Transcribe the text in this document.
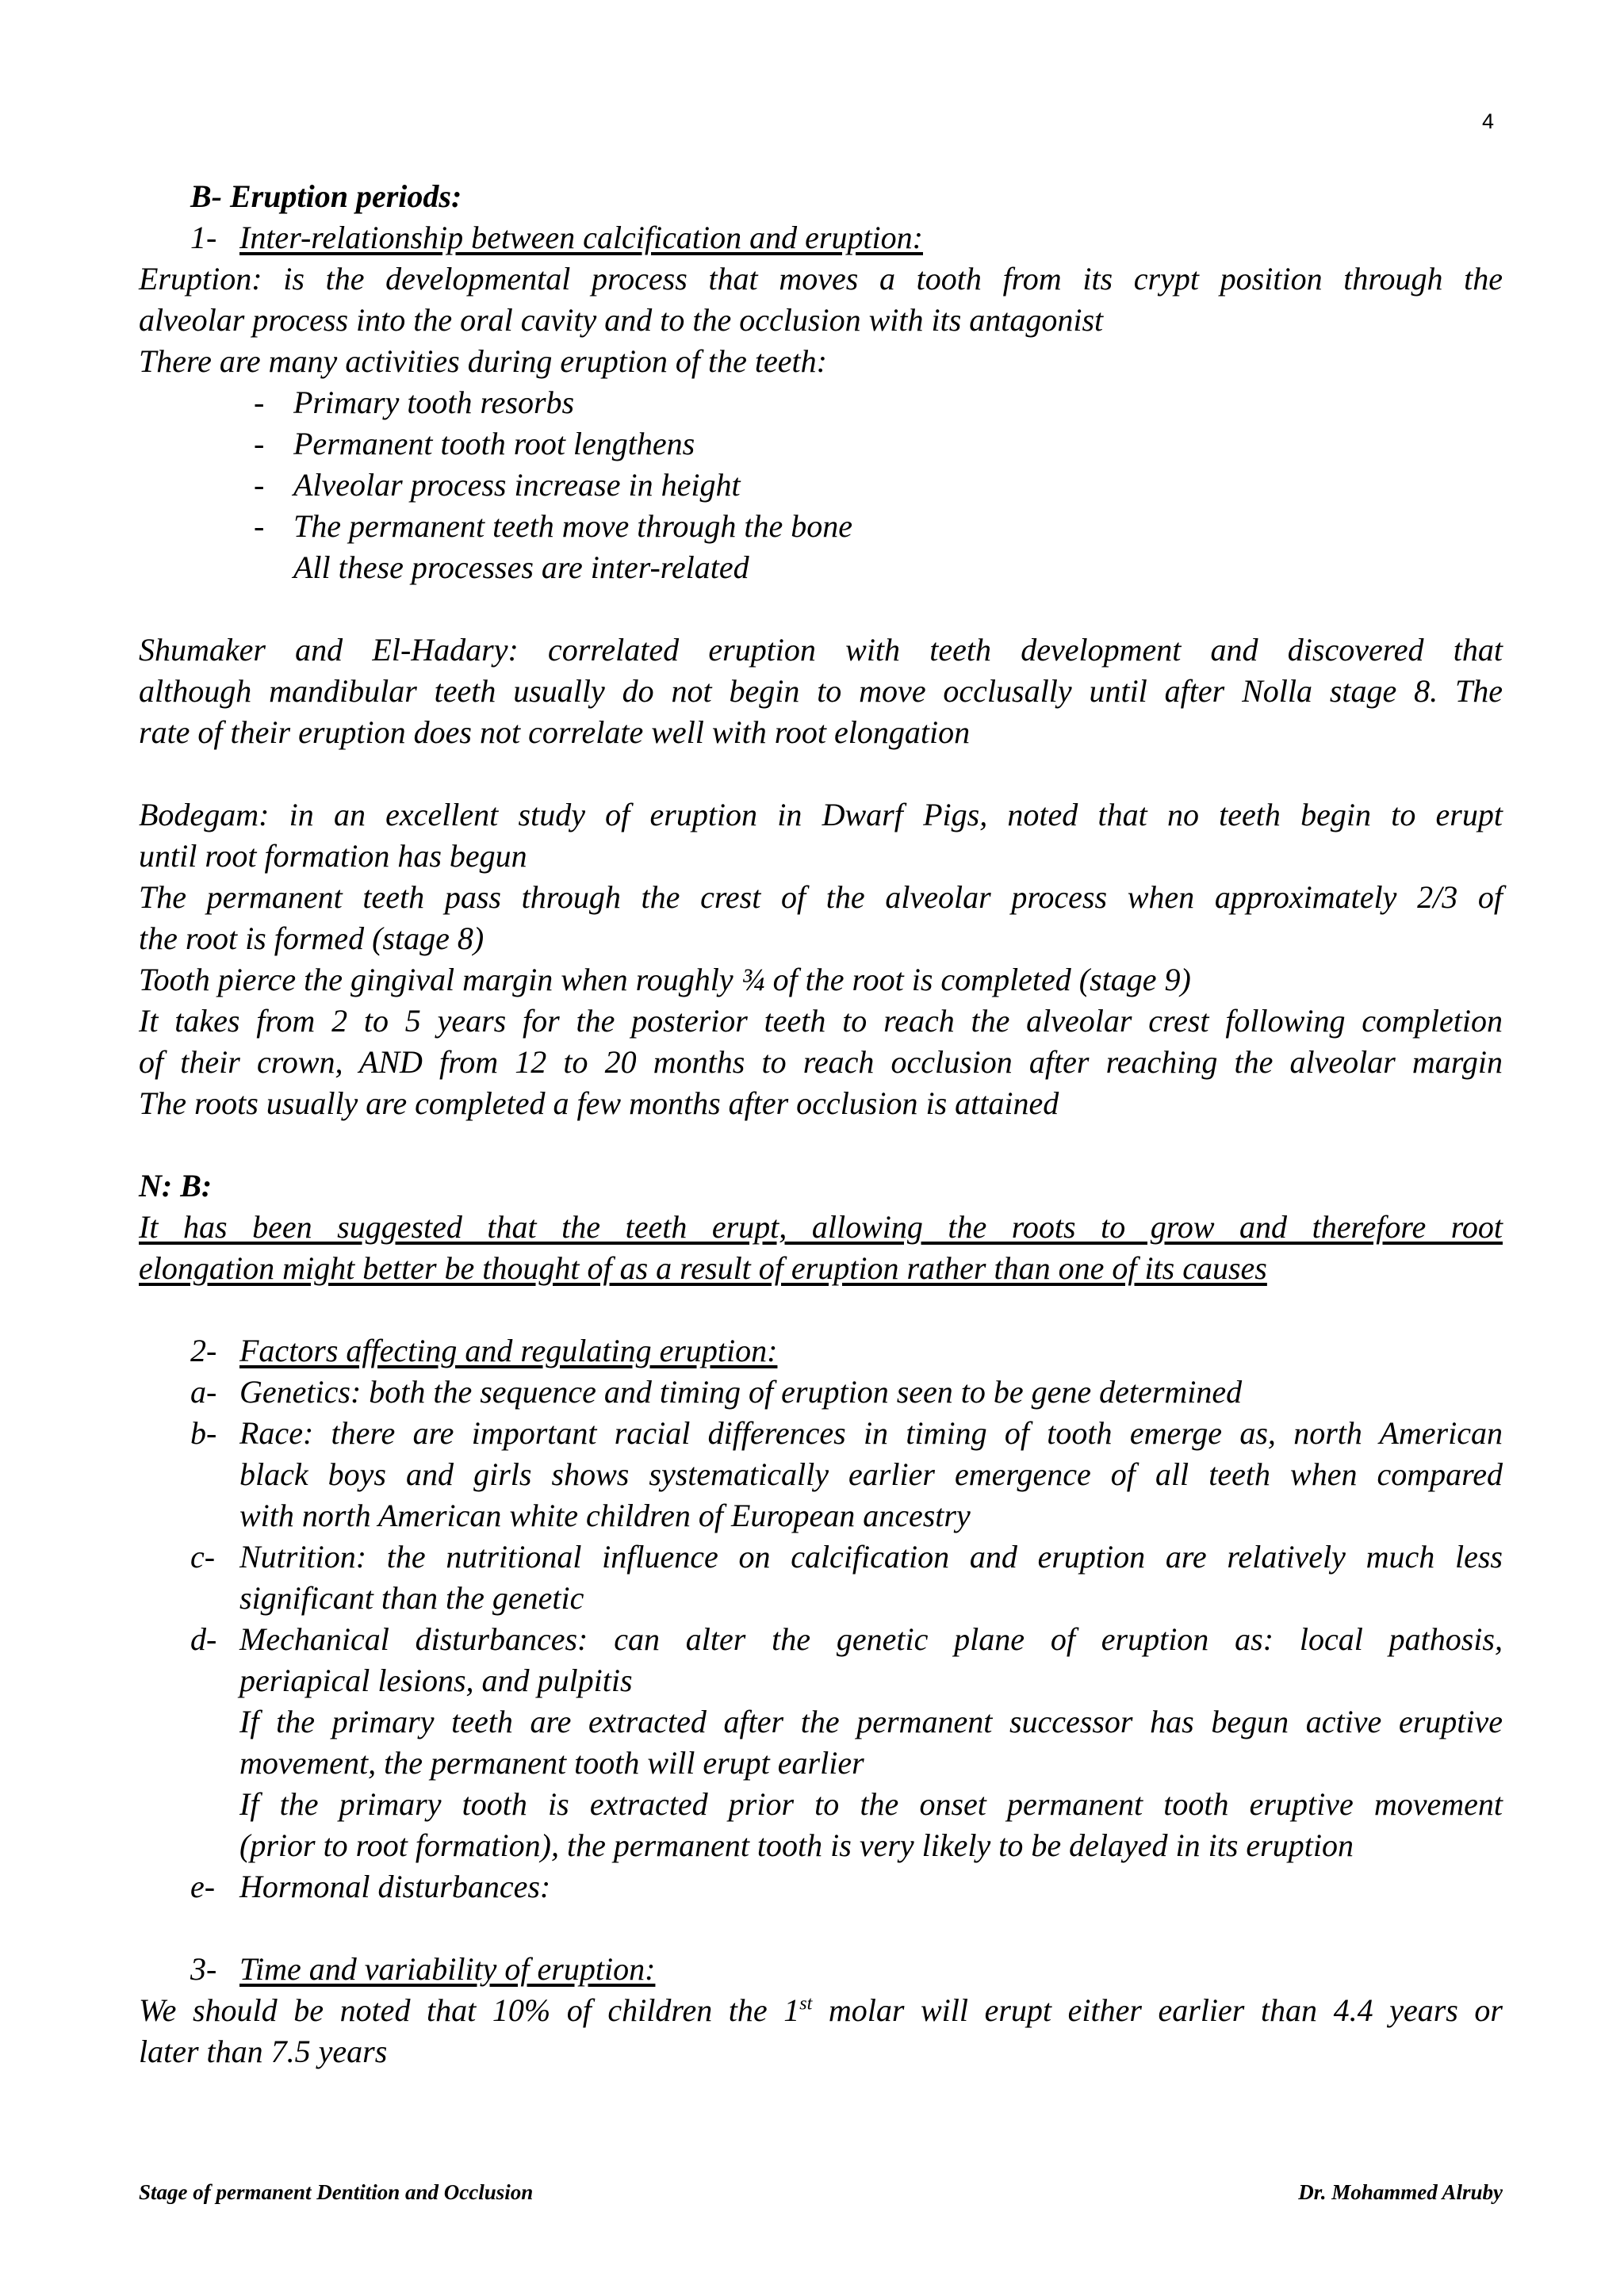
4
B- Eruption periods:
1- Inter-relationship between calcification and eruption:
Eruption: is the developmental process that moves a tooth from its crypt position through the
alveolar process into the oral cavity and to the occlusion with its antagonist
There are many activities during eruption of the teeth:
- Primary tooth resorbs
- Permanent tooth root lengthens
- Alveolar process increase in height
- The permanent teeth move through the bone
All these processes are inter-related
Shumaker and El-Hadary: correlated eruption with teeth development and discovered that
although mandibular teeth usually do not begin to move occlusally until after Nolla stage 8. The
rate of their eruption does not correlate well with root elongation
Bodegam: in an excellent study of eruption in Dwarf Pigs, noted that no teeth begin to erupt
until root formation has begun
The permanent teeth pass through the crest of the alveolar process when approximately 2/3 of
the root is formed (stage 8)
Tooth pierce the gingival margin when roughly ¾ of the root is completed (stage 9)
It takes from 2 to 5 years for the posterior teeth to reach the alveolar crest following completion
of their crown, AND from 12 to 20 months to reach occlusion after reaching the alveolar margin
The roots usually are completed a few months after occlusion is attained
N: B:
It has been suggested that the teeth erupt, allowing the roots to grow and therefore root
elongation might better be thought of as a result of eruption rather than one of its causes
2- Factors affecting and regulating eruption:
a- Genetics: both the sequence and timing of eruption seen to be gene determined
b- Race: there are important racial differences in timing of tooth emerge as, north American
black boys and girls shows systematically earlier emergence of all teeth when compared
with north American white children of European ancestry
c- Nutrition: the nutritional influence on calcification and eruption are relatively much less
significant than the genetic
d- Mechanical disturbances: can alter the genetic plane of eruption as: local pathosis,
periapical lesions, and pulpitis
If the primary teeth are extracted after the permanent successor has begun active eruptive
movement, the permanent tooth will erupt earlier
If the primary tooth is extracted prior to the onset permanent tooth eruptive movement
(prior to root formation), the permanent tooth is very likely to be delayed in its eruption
e- Hormonal disturbances:
3- Time and variability of eruption:
We should be noted that 10% of children the 1st molar will erupt either earlier than 4.4 years or
later than 7.5 years
Stage of permanent Dentition and Occlusion	Dr. Mohammed Alruby
